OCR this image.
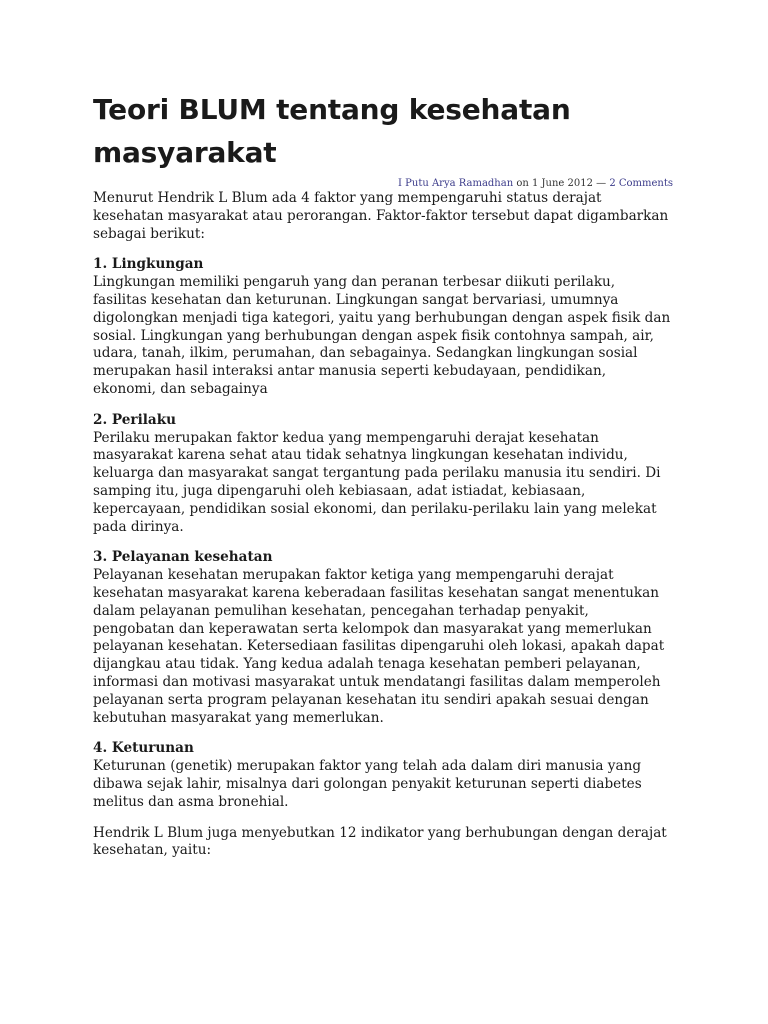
Teori BLUM tentang kesehatan masyarakat
I Putu Arya Ramadhan on 1 June 2012 — 2 Comments

Menurut Hendrik L Blum ada 4 faktor yang mempengaruhi status derajat kesehatan masyarakat atau perorangan. Faktor-faktor tersebut dapat digambarkan sebagai berikut:

1. Lingkungan
Lingkungan memiliki pengaruh yang dan peranan terbesar diikuti perilaku, fasilitas kesehatan dan keturunan. Lingkungan sangat bervariasi, umumnya digolongkan menjadi tiga kategori, yaitu yang berhubungan dengan aspek fisik dan sosial. Lingkungan yang berhubungan dengan aspek fisik contohnya sampah, air, udara, tanah, ilkim, perumahan, dan sebagainya. Sedangkan lingkungan sosial merupakan hasil interaksi antar manusia seperti kebudayaan, pendidikan, ekonomi, dan sebagainya
2. Perilaku
Perilaku merupakan faktor kedua yang mempengaruhi derajat kesehatan masyarakat karena sehat atau tidak sehatnya lingkungan kesehatan individu, keluarga dan masyarakat sangat tergantung pada perilaku manusia itu sendiri. Di samping itu, juga dipengaruhi oleh kebiasaan, adat istiadat, kebiasaan, kepercayaan, pendidikan sosial ekonomi, dan perilaku-perilaku lain yang melekat pada dirinya.
3. Pelayanan kesehatan
Pelayanan kesehatan merupakan faktor ketiga yang mempengaruhi derajat kesehatan masyarakat karena keberadaan fasilitas kesehatan sangat menentukan dalam pelayanan pemulihan kesehatan, pencegahan terhadap penyakit, pengobatan dan keperawatan serta kelompok dan masyarakat yang memerlukan pelayanan kesehatan. Ketersediaan fasilitas dipengaruhi oleh lokasi, apakah dapat dijangkau atau tidak. Yang kedua adalah tenaga kesehatan pemberi pelayanan, informasi dan motivasi masyarakat untuk mendatangi fasilitas dalam memperoleh pelayanan serta program pelayanan kesehatan itu sendiri apakah sesuai dengan kebutuhan masyarakat yang memerlukan.
4. Keturunan
Keturunan (genetik) merupakan faktor yang telah ada dalam diri manusia yang dibawa sejak lahir, misalnya dari golongan penyakit keturunan seperti diabetes melitus dan asma bronehial.

Hendrik L Blum juga menyebutkan 12 indikator yang berhubungan dengan derajat kesehatan, yaitu:
